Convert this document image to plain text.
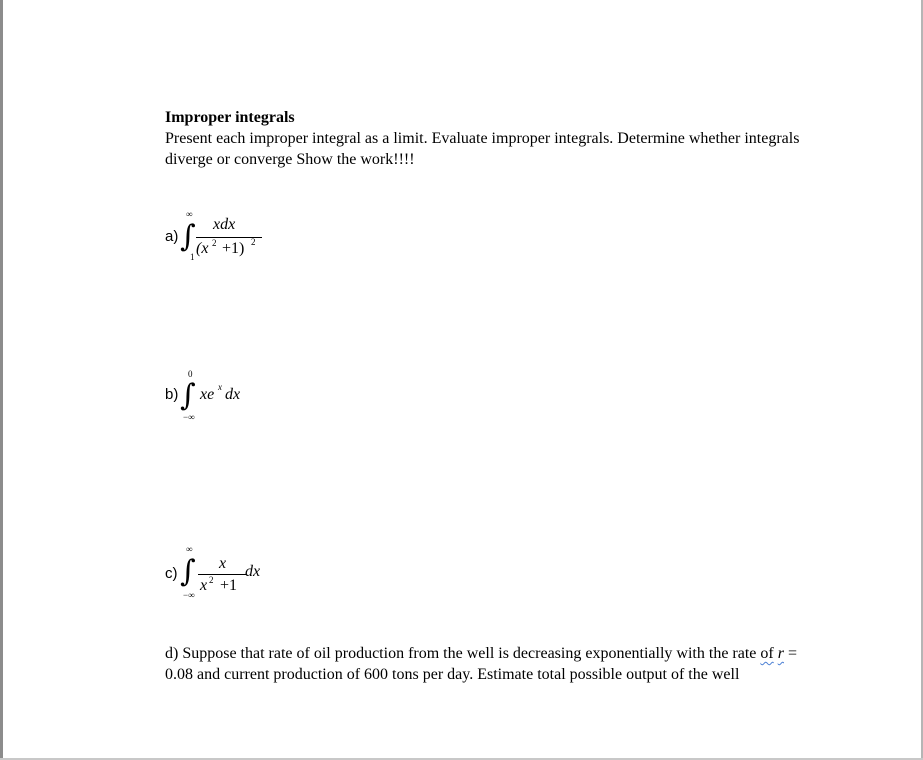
Improper integrals
Present each improper integral as a limit. Evaluate improper integrals. Determine whether integrals diverge or converge Show the work!!!!
a)
∞
∫
1
xdx
(x 2 +1) 2
b)
0
∫
−∞
xe x dx
c)
∞
∫
−∞
x
x 2 +1
dx
d) Suppose that rate of oil production from the well is decreasing exponentially with the rate of r = 0.08 and current production of 600 tons per day. Estimate total possible output of the well
